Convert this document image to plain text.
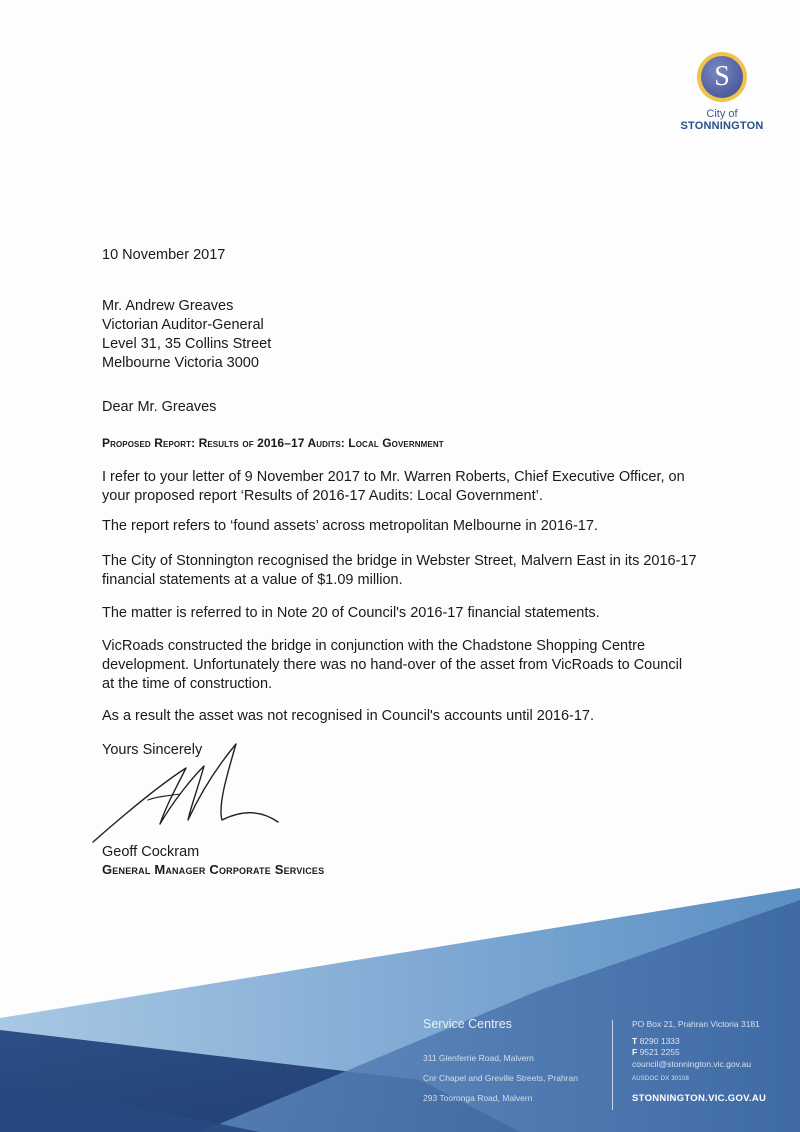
S
City of
STONNINGTON
10 November 2017
Mr. Andrew Greaves
Victorian Auditor-General
Level 31, 35 Collins Street
Melbourne Victoria 3000
Dear Mr. Greaves
Proposed Report: Results of 2016–17 Audits: Local Government
I refer to your letter of 9 November 2017 to Mr. Warren Roberts, Chief Executive Officer, on
your proposed report ‘Results of 2016-17 Audits: Local Government’.
The report refers to ‘found assets’ across metropolitan Melbourne in 2016-17.
The City of Stonnington recognised the bridge in Webster Street, Malvern East in its 2016-17
financial statements at a value of $1.09 million.
The matter is referred to in Note 20 of Council's 2016-17 financial statements.
VicRoads constructed the bridge in conjunction with the Chadstone Shopping Centre
development. Unfortunately there was no hand-over of the asset from VicRoads to Council
at the time of construction.
As a result the asset was not recognised in Council's accounts until 2016-17.
Yours Sincerely
Geoff Cockram
General Manager Corporate Services
Service Centres
311 Glenferrie Road, Malvern
Cnr Chapel and Greville Streets, Prahran
293 Tooronga Road, Malvern
PO Box 21, Prahran Victoria 3181
T 8290 1333
F 9521 2255
council@stonnington.vic.gov.au
AUSDOC DX 30108
STONNINGTON.VIC.GOV.AU
